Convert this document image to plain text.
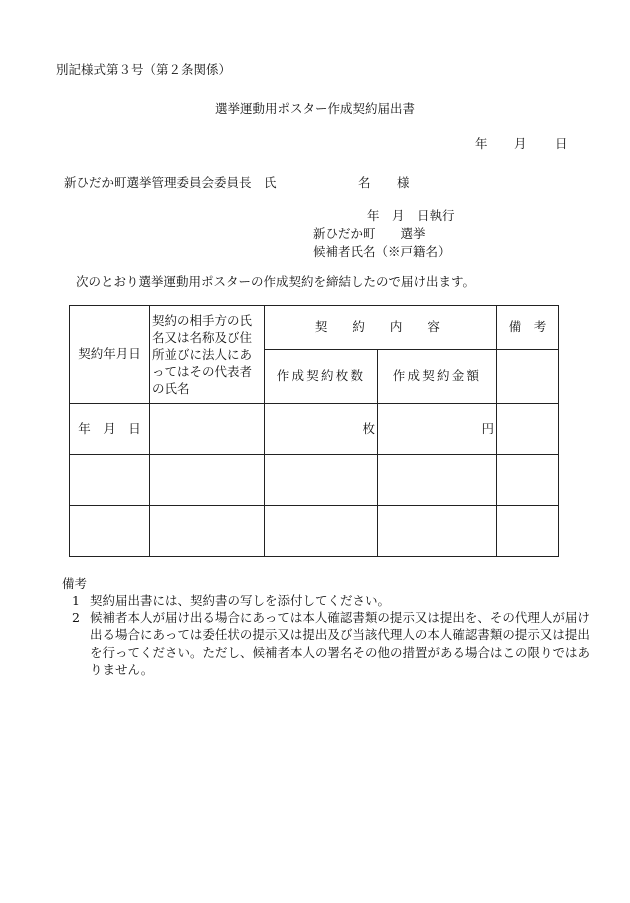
別記様式第３号（第２条関係）
選挙運動用ポスター作成契約届出書
年 月 日
新ひだか町選挙管理委員会委員長　氏	名 様
年　月　日執行
新ひだか町　　選挙
候補者氏名（※戸籍名）
次のとおり選挙運動用ポスターの作成契約を締結したので届け出ます。
契約年月日	契約の相手方の氏名又は名称及び住所並びに法人にあってはその代表者の氏名	契　約　内　容		備　考
		作成契約枚数	作成契約金額	
年　月　日		枚	円	

備考
1 契約届出書には、契約書の写しを添付してください。
2 候補者本人が届け出る場合にあっては本人確認書類の提示又は提出を、その代理人が届け出る場合にあっては委任状の提示又は提出及び当該代理人の本人確認書類の提示又は提出を行ってください。ただし、候補者本人の署名その他の措置がある場合はこの限りではありません。
